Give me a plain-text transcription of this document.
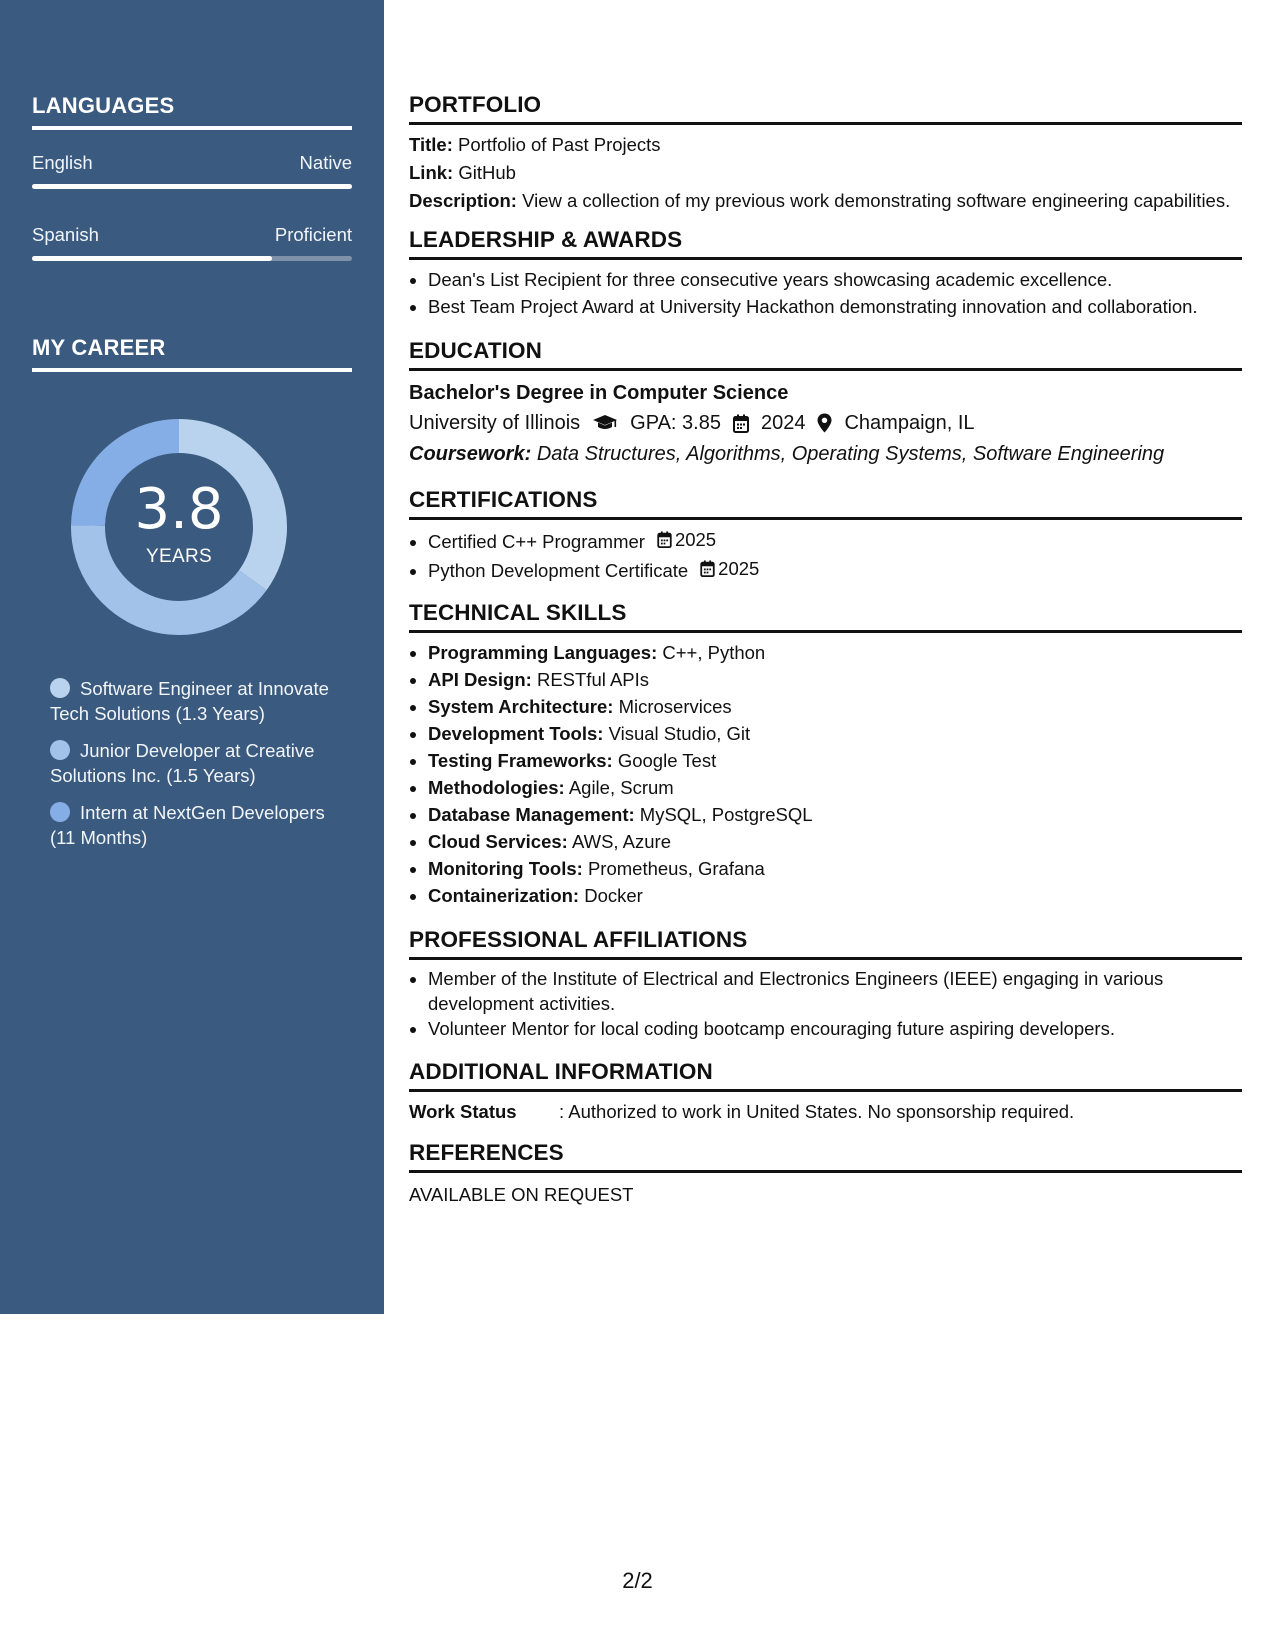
LANGUAGES
English	Native
Spanish	Proficient
MY CAREER
3.8
YEARS
Software Engineer at Innovate Tech Solutions (1.3 Years)
Junior Developer at Creative Solutions Inc. (1.5 Years)
Intern at NextGen Developers (11 Months)
PORTFOLIO
Title: Portfolio of Past Projects
Link: GitHub
Description: View a collection of my previous work demonstrating software engineering capabilities.
LEADERSHIP & AWARDS
• Dean's List Recipient for three consecutive years showcasing academic excellence.
• Best Team Project Award at University Hackathon demonstrating innovation and collaboration.
EDUCATION
Bachelor's Degree in Computer Science
University of Illinois	GPA: 3.85 2024 Champaign, IL
Coursework: Data Structures, Algorithms, Operating Systems, Software Engineering
CERTIFICATIONS
• Certified C++ Programmer 2025
• Python Development Certificate 2025
TECHNICAL SKILLS
• Programming Languages: C++, Python
• API Design: RESTful APIs
• System Architecture: Microservices
• Development Tools: Visual Studio, Git
• Testing Frameworks: Google Test
• Methodologies: Agile, Scrum
• Database Management: MySQL, PostgreSQL
• Cloud Services: AWS, Azure
• Monitoring Tools: Prometheus, Grafana
• Containerization: Docker
PROFESSIONAL AFFILIATIONS
• Member of the Institute of Electrical and Electronics Engineers (IEEE) engaging in various development activities.
• Volunteer Mentor for local coding bootcamp encouraging future aspiring developers.
ADDITIONAL INFORMATION
Work Status	: Authorized to work in United States. No sponsorship required.
REFERENCES
AVAILABLE ON REQUEST
2/2
